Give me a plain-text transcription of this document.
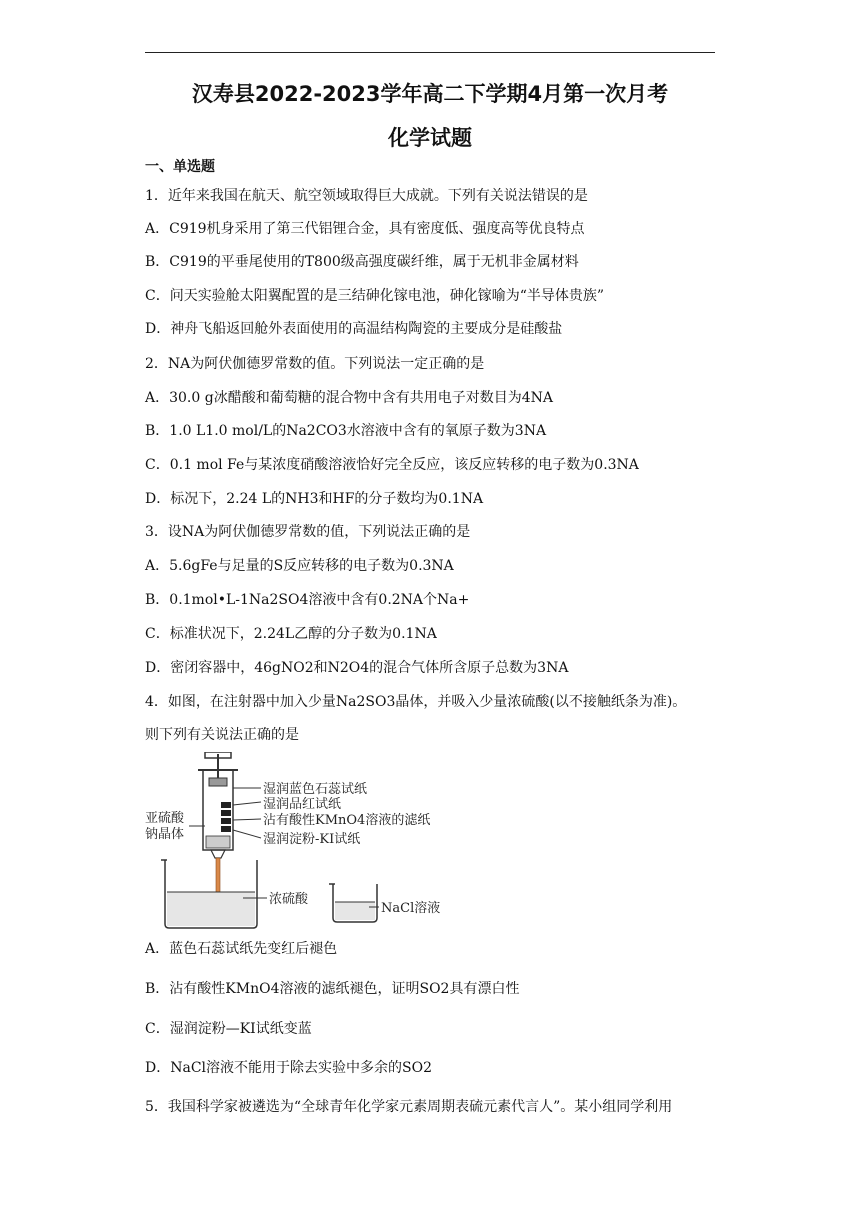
汉寿县2022-2023学年高二下学期4月第一次月考
化学试题
一、单选题
1．近年来我国在航天、航空领域取得巨大成就。下列有关说法错误的是
A．C919机身采用了第三代铝锂合金，具有密度低、强度高等优良特点
B．C919的平垂尾使用的T800级高强度碳纤维，属于无机非金属材料
C．问天实验舱太阳翼配置的是三结砷化镓电池，砷化镓喻为“半导体贵族”
D．神舟飞船返回舱外表面使用的高温结构陶瓷的主要成分是硅酸盐
2．NA为阿伏伽德罗常数的值。下列说法一定正确的是
A．30.0 g冰醋酸和葡萄糖的混合物中含有共用电子对数目为4NA
B．1.0 L1.0 mol/L的Na2CO3水溶液中含有的氧原子数为3NA
C．0.1 mol Fe与某浓度硝酸溶液恰好完全反应，该反应转移的电子数为0.3NA
D．标况下，2.24 L的NH3和HF的分子数均为0.1NA
3．设NA为阿伏伽德罗常数的值，下列说法正确的是
A．5.6gFe与足量的S反应转移的电子数为0.3NA
B．0.1mol•L-1Na2SO4溶液中含有0.2NA个Na+
C．标准状况下，2.24L乙醇的分子数为0.1NA
D．密闭容器中，46gNO2和N2O4的混合气体所含原子总数为3NA
4．如图，在注射器中加入少量Na2SO3晶体，并吸入少量浓硫酸(以不接触纸条为准)。
则下列有关说法正确的是
湿润蓝色石蕊试纸
湿润品红试纸
沾有酸性KMnO4溶液的滤纸
湿润淀粉-KI试纸
亚硫酸
钠晶体
浓硫酸
NaCl溶液
A．蓝色石蕊试纸先变红后褪色
B．沾有酸性KMnO4溶液的滤纸褪色，证明SO2具有漂白性
C．湿润淀粉—KI试纸变蓝
D．NaCl溶液不能用于除去实验中多余的SO2
5．我国科学家被遴选为“全球青年化学家元素周期表硫元素代言人”。某小组同学利用
